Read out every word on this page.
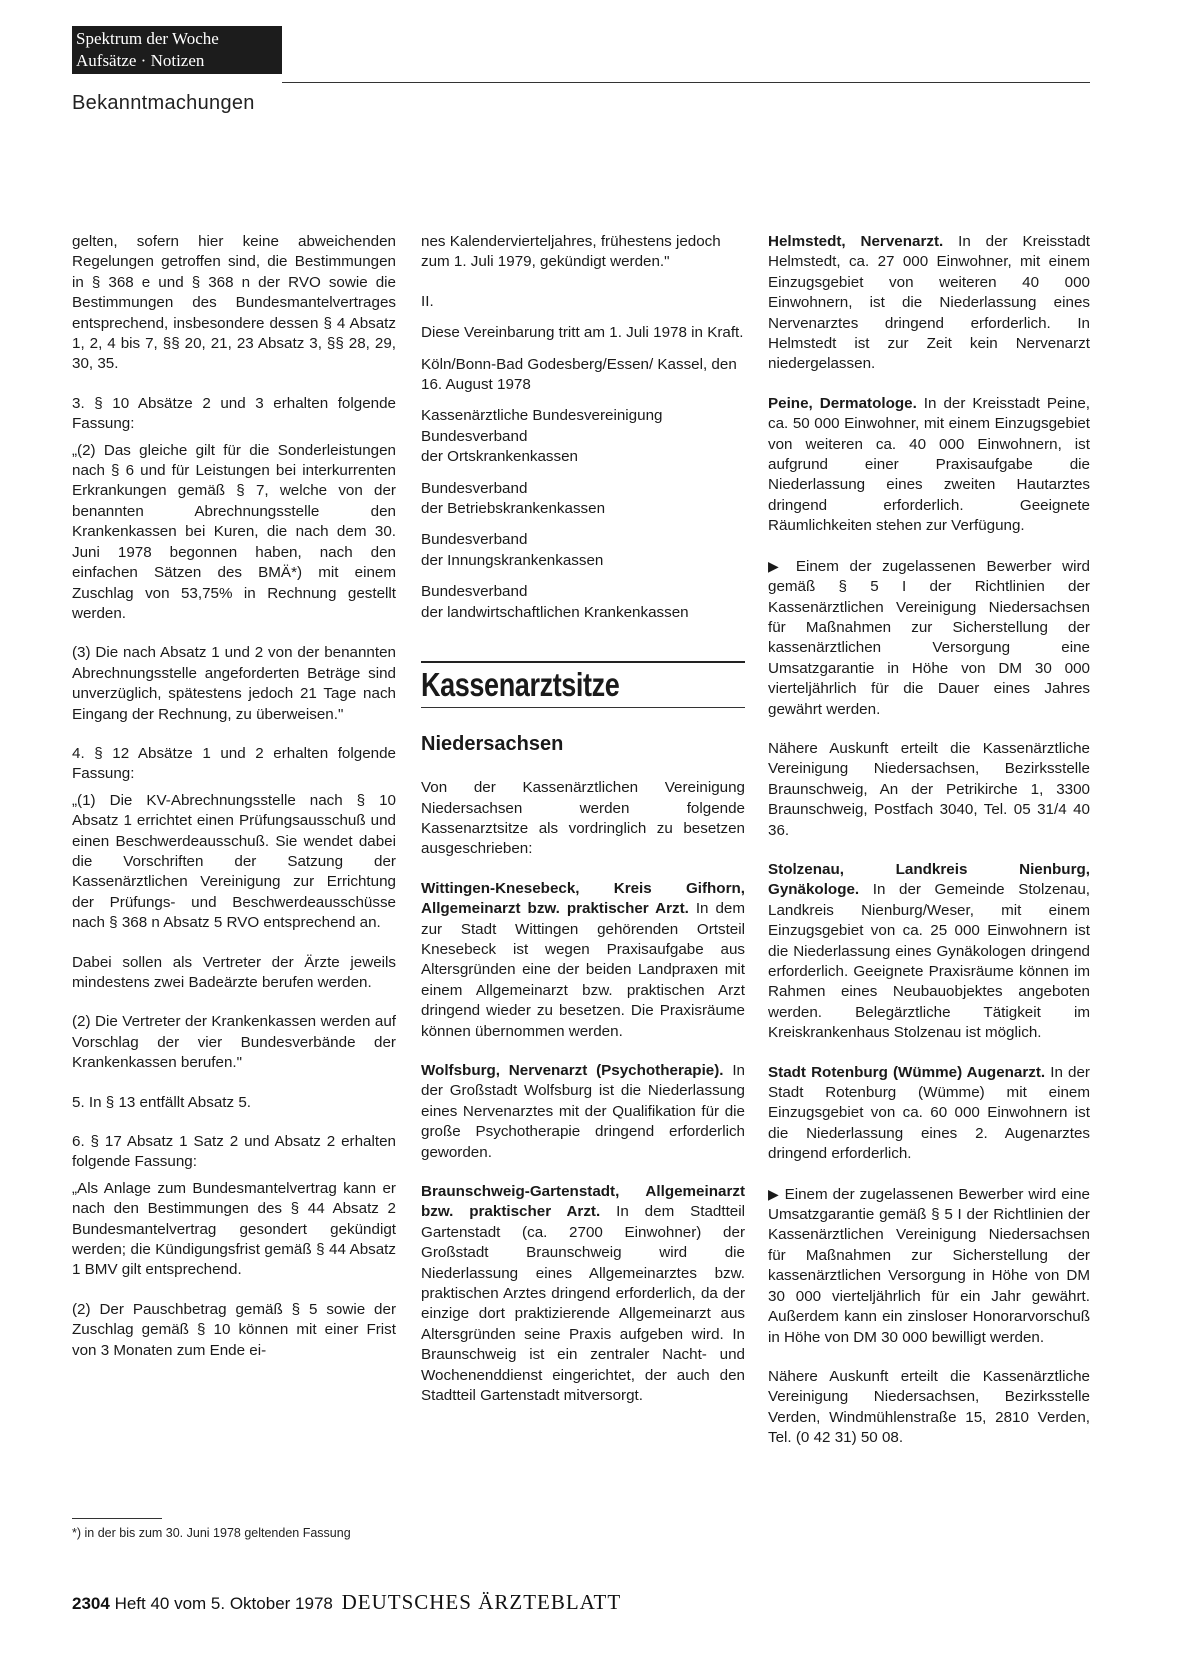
Spektrum der Woche
Aufsätze · Notizen
Bekanntmachungen

gelten, sofern hier keine abweichenden Regelungen getroffen sind, die Bestimmungen in § 368 e und § 368 n der RVO sowie die Bestimmungen des Bundesmantelvertrages entsprechend, insbesondere dessen § 4 Absatz 1, 2, 4 bis 7, §§ 20, 21, 23 Absatz 3, §§ 28, 29, 30, 35.

3. § 10 Absätze 2 und 3 erhalten folgende Fassung:

„(2) Das gleiche gilt für die Sonderleistungen nach § 6 und für Leistungen bei interkurrenten Erkrankungen gemäß § 7, welche von der benannten Abrechnungsstelle den Krankenkassen bei Kuren, die nach dem 30. Juni 1978 begonnen haben, nach den einfachen Sätzen des BMÄ*) mit einem Zuschlag von 53,75% in Rechnung gestellt werden.

(3) Die nach Absatz 1 und 2 von der benannten Abrechnungsstelle angeforderten Beträge sind unverzüglich, spätestens jedoch 21 Tage nach Eingang der Rechnung, zu überweisen."

4. § 12 Absätze 1 und 2 erhalten folgende Fassung:

„(1) Die KV-Abrechnungsstelle nach § 10 Absatz 1 errichtet einen Prüfungsausschuß und einen Beschwerdeausschuß. Sie wendet dabei die Vorschriften der Satzung der Kassenärztlichen Vereinigung zur Errichtung der Prüfungs- und Beschwerdeausschüsse nach § 368 n Absatz 5 RVO entsprechend an.

Dabei sollen als Vertreter der Ärzte jeweils mindestens zwei Badeärzte berufen werden.

(2) Die Vertreter der Krankenkassen werden auf Vorschlag der vier Bundesverbände der Krankenkassen berufen."

5. In § 13 entfällt Absatz 5.

6. § 17 Absatz 1 Satz 2 und Absatz 2 erhalten folgende Fassung:

„Als Anlage zum Bundesmantelvertrag kann er nach den Bestimmungen des § 44 Absatz 2 Bundesmantelvertrag gesondert gekündigt werden; die Kündigungsfrist gemäß § 44 Absatz 1 BMV gilt entsprechend.

(2) Der Pauschbetrag gemäß § 5 sowie der Zuschlag gemäß § 10 können mit einer Frist von 3 Monaten zum Ende ei-

*) in der bis zum 30. Juni 1978 geltenden Fassung

nes Kalendervierteljahres, frühestens jedoch zum 1. Juli 1979, gekündigt werden."

II.

Diese Vereinbarung tritt am 1. Juli 1978 in Kraft.

Köln/Bonn-Bad Godesberg/Essen/ Kassel, den 16. August 1978

Kassenärztliche Bundesvereinigung
Bundesverband
der Ortskrankenkassen

Bundesverband
der Betriebskrankenkassen

Bundesverband
der Innungskrankenkassen

Bundesverband
der landwirtschaftlichen Krankenkassen

Kassenarztsitze
Niedersachsen

Von der Kassenärztlichen Vereinigung Niedersachsen werden folgende Kassenarztsitze als vordringlich zu besetzen ausgeschrieben:

Wittingen-Knesebeck, Kreis Gifhorn, Allgemeinarzt bzw. praktischer Arzt. In dem zur Stadt Wittingen gehörenden Ortsteil Knesebeck ist wegen Praxisaufgabe aus Altersgründen eine der beiden Landpraxen mit einem Allgemeinarzt bzw. praktischen Arzt dringend wieder zu besetzen. Die Praxisräume können übernommen werden.

Wolfsburg, Nervenarzt (Psychotherapie). In der Großstadt Wolfsburg ist die Niederlassung eines Nervenarztes mit der Qualifikation für die große Psychotherapie dringend erforderlich geworden.

Braunschweig-Gartenstadt, Allgemeinarzt bzw. praktischer Arzt. In dem Stadtteil Gartenstadt (ca. 2700 Einwohner) der Großstadt Braunschweig wird die Niederlassung eines Allgemeinarztes bzw. praktischen Arztes dringend erforderlich, da der einzige dort praktizierende Allgemeinarzt aus Altersgründen seine Praxis aufgeben wird. In Braunschweig ist ein zentraler Nacht- und Wochenenddienst eingerichtet, der auch den Stadtteil Gartenstadt mitversorgt.

Helmstedt, Nervenarzt. In der Kreisstadt Helmstedt, ca. 27 000 Einwohner, mit einem Einzugsgebiet von weiteren 40 000 Einwohnern, ist die Niederlassung eines Nervenarztes dringend erforderlich. In Helmstedt ist zur Zeit kein Nervenarzt niedergelassen.

Peine, Dermatologe. In der Kreisstadt Peine, ca. 50 000 Einwohner, mit einem Einzugsgebiet von weiteren ca. 40 000 Einwohnern, ist aufgrund einer Praxisaufgabe die Niederlassung eines zweiten Hautarztes dringend erforderlich. Geeignete Räumlichkeiten stehen zur Verfügung.

▶ Einem der zugelassenen Bewerber wird gemäß § 5 I der Richtlinien der Kassenärztlichen Vereinigung Niedersachsen für Maßnahmen zur Sicherstellung der kassenärztlichen Versorgung eine Umsatzgarantie in Höhe von DM 30 000 vierteljährlich für die Dauer eines Jahres gewährt werden.

Nähere Auskunft erteilt die Kassenärztliche Vereinigung Niedersachsen, Bezirksstelle Braunschweig, An der Petrikirche 1, 3300 Braunschweig, Postfach 3040, Tel. 05 31/4 40 36.

Stolzenau, Landkreis Nienburg, Gynäkologe. In der Gemeinde Stolzenau, Landkreis Nienburg/Weser, mit einem Einzugsgebiet von ca. 25 000 Einwohnern ist die Niederlassung eines Gynäkologen dringend erforderlich. Geeignete Praxisräume können im Rahmen eines Neubauobjektes angeboten werden. Belegärztliche Tätigkeit im Kreiskrankenhaus Stolzenau ist möglich.

Stadt Rotenburg (Wümme) Augenarzt. In der Stadt Rotenburg (Wümme) mit einem Einzugsgebiet von ca. 60 000 Einwohnern ist die Niederlassung eines 2. Augenarztes dringend erforderlich.

▶ Einem der zugelassenen Bewerber wird eine Umsatzgarantie gemäß § 5 I der Richtlinien der Kassenärztlichen Vereinigung Niedersachsen für Maßnahmen zur Sicherstellung der kassenärztlichen Versorgung in Höhe von DM 30 000 vierteljährlich für ein Jahr gewährt. Außerdem kann ein zinsloser Honorarvorschuß in Höhe von DM 30 000 bewilligt werden.

Nähere Auskunft erteilt die Kassenärztliche Vereinigung Niedersachsen, Bezirksstelle Verden, Windmühlenstraße 15, 2810 Verden, Tel. (0 42 31) 50 08.

2304 Heft 40 vom 5. Oktober 1978 DEUTSCHES ÄRZTEBLATT
